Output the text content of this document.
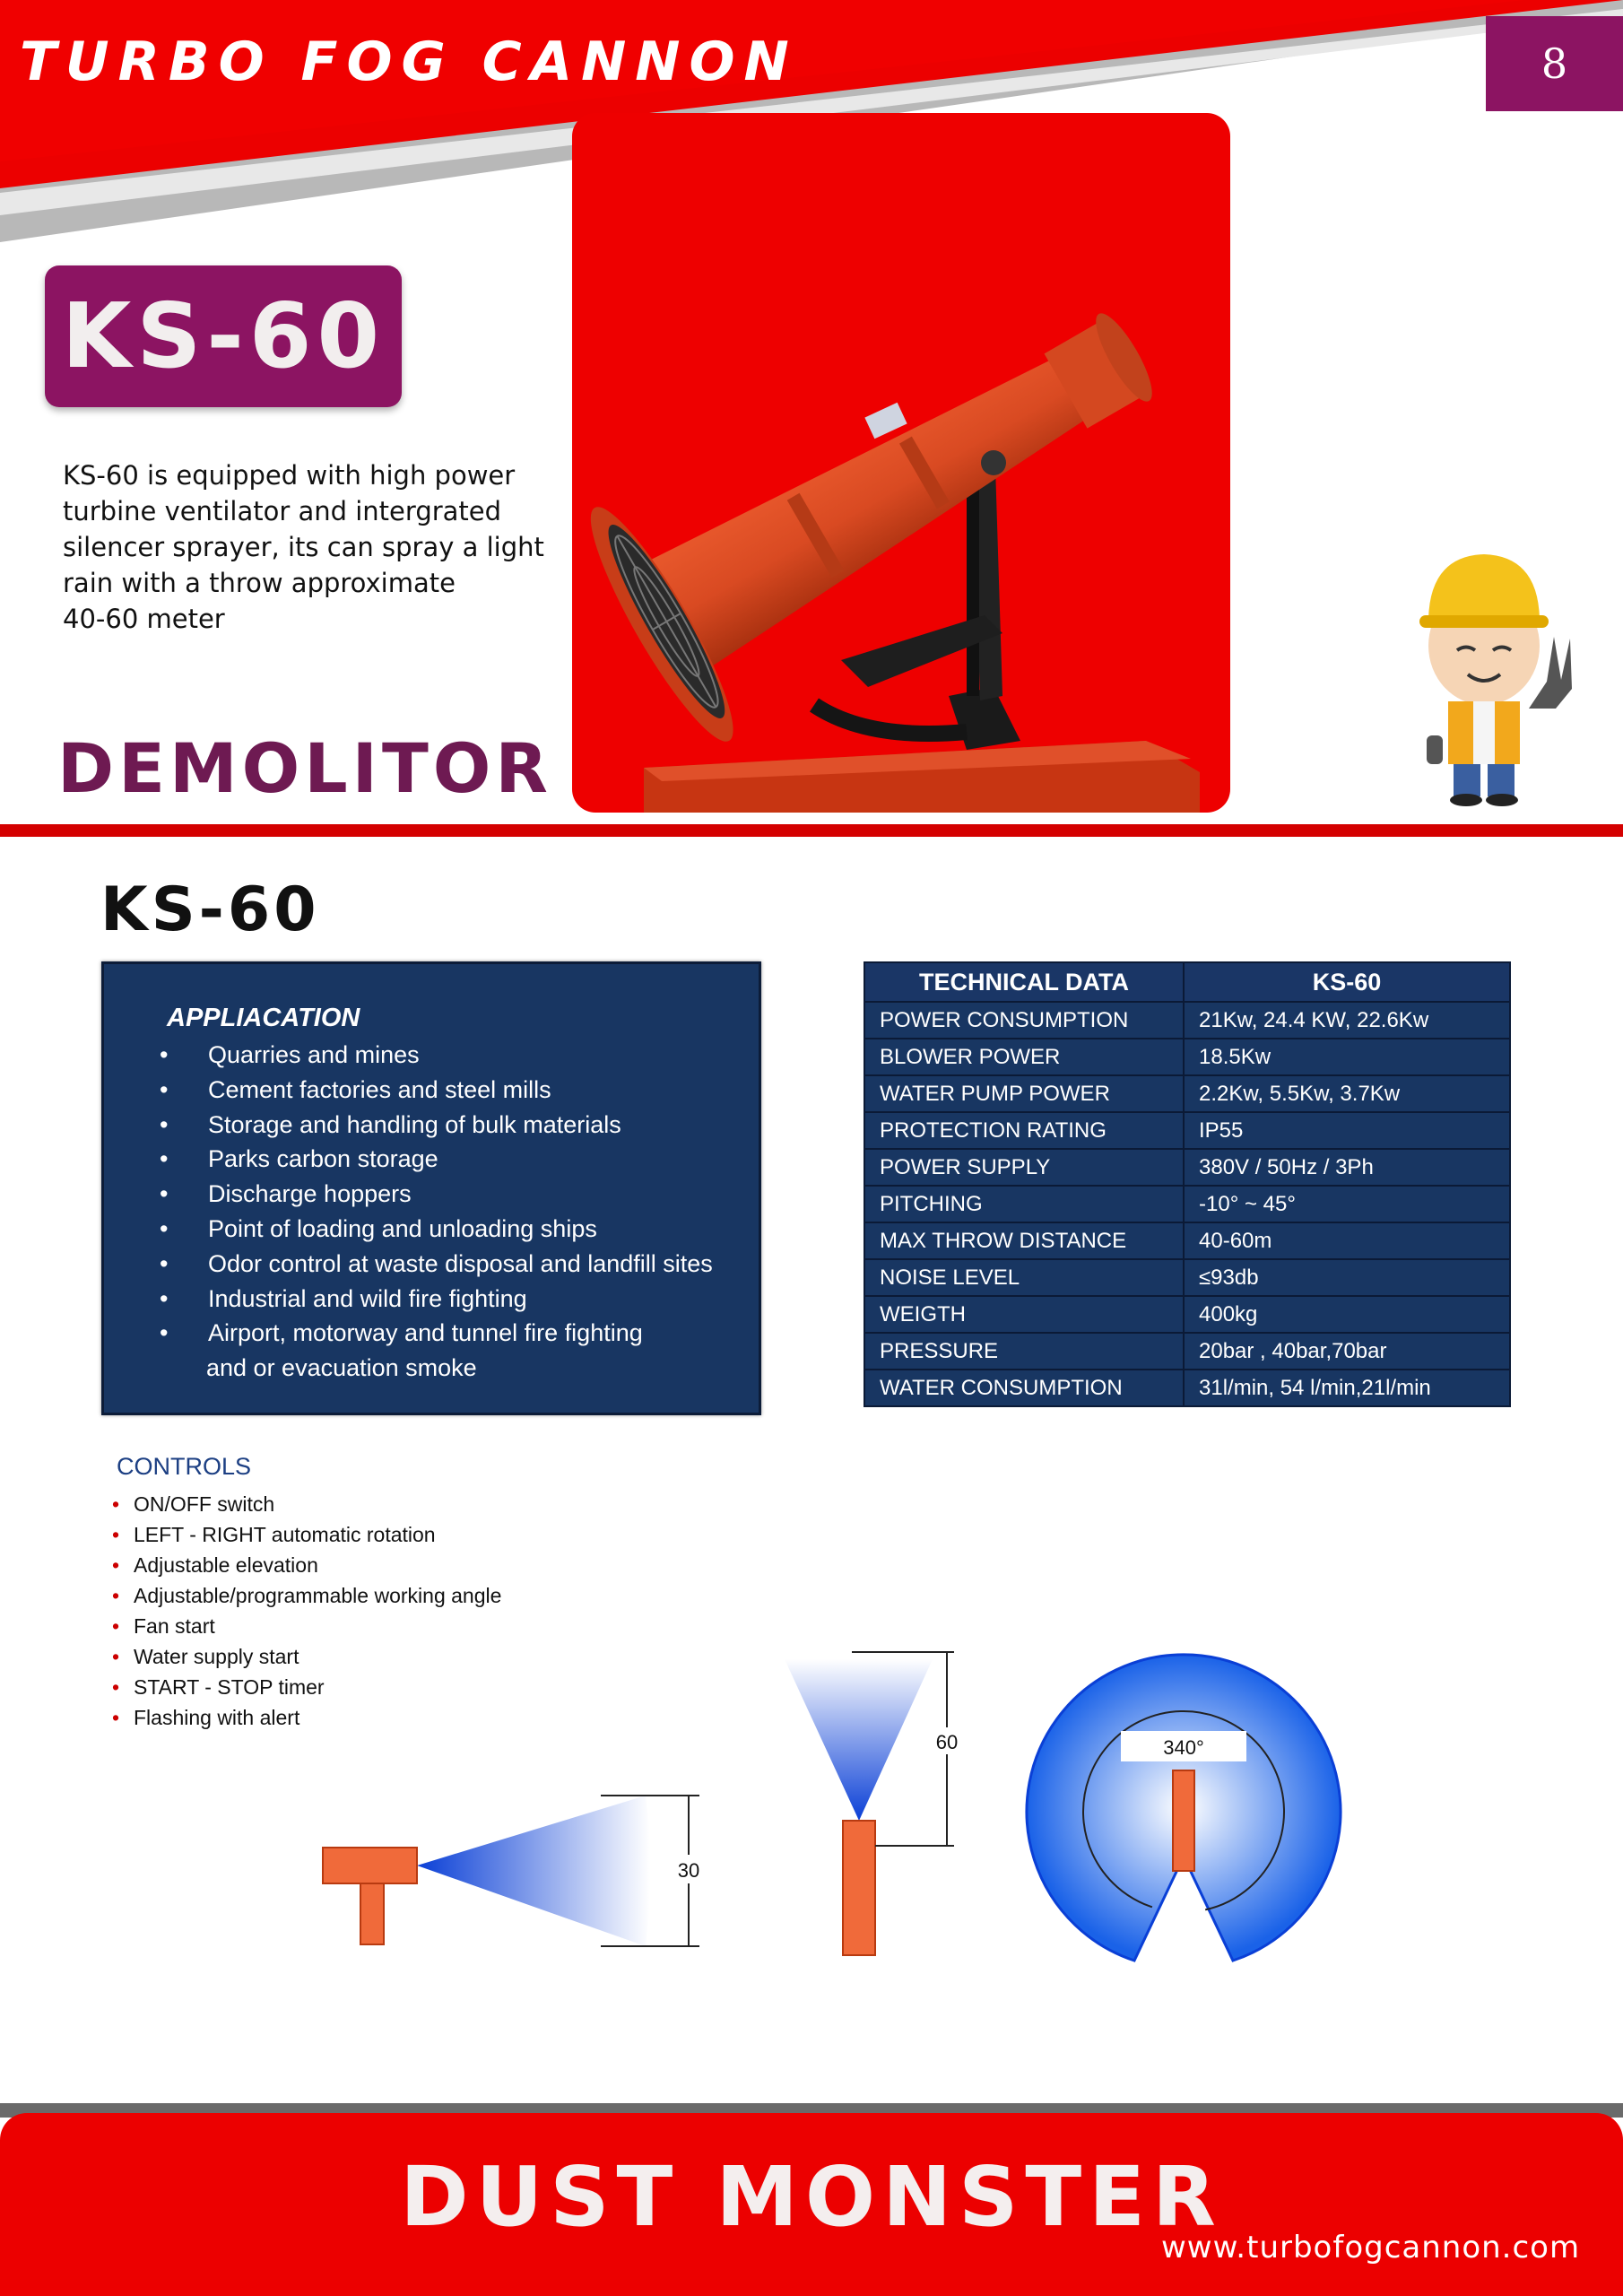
TURBO FOG CANNON	8
KS-60
KS-60 is equipped with high power
turbine ventilator and intergrated
silencer sprayer, its can spray a light
rain with a throw approximate
40-60 meter
DEMOLITOR
KS-60
APPLIACATION
• Quarries and mines
• Cement factories and steel mills
• Storage and handling of bulk materials
• Parks carbon storage
• Discharge hoppers
• Point of loading and unloading ships
• Odor control at waste disposal and landfill sites
• Industrial and wild fire fighting
• Airport, motorway and tunnel fire fighting
and or evacuation smoke
TECHNICAL DATA	KS-60
POWER CONSUMPTION	21Kw, 24.4 KW, 22.6Kw
BLOWER POWER	18.5Kw
WATER PUMP POWER	2.2Kw, 5.5Kw, 3.7Kw
PROTECTION RATING	IP55
POWER SUPPLY	380V / 50Hz / 3Ph
PITCHING	-10° ~ 45°
MAX THROW DISTANCE	40-60m
NOISE LEVEL	≤93db
WEIGTH	400kg
PRESSURE	20bar , 40bar,70bar
WATER CONSUMPTION	31l/min, 54 l/min,21l/min
CONTROLS
• ON/OFF switch
• LEFT - RIGHT automatic rotation
• Adjustable elevation
• Adjustable/programmable working angle
• Fan start
• Water supply start
• START - STOP timer
• Flashing with alert
30
60	340°
DUST MONSTER
www.turbofogcannon.com
